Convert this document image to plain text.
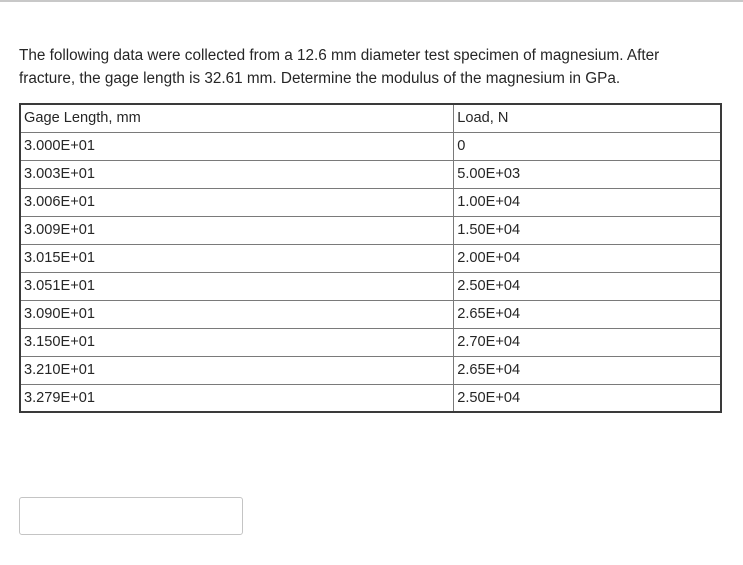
The following data were collected from a 12.6 mm diameter test specimen of magnesium. After fracture, the gage length is 32.61 mm. Determine the modulus of the magnesium in GPa.

Gage Length, mm	Load, N
3.000E+01	0
3.003E+01	5.00E+03
3.006E+01	1.00E+04
3.009E+01	1.50E+04
3.015E+01	2.00E+04
3.051E+01	2.50E+04
3.090E+01	2.65E+04
3.150E+01	2.70E+04
3.210E+01	2.65E+04
3.279E+01	2.50E+04
